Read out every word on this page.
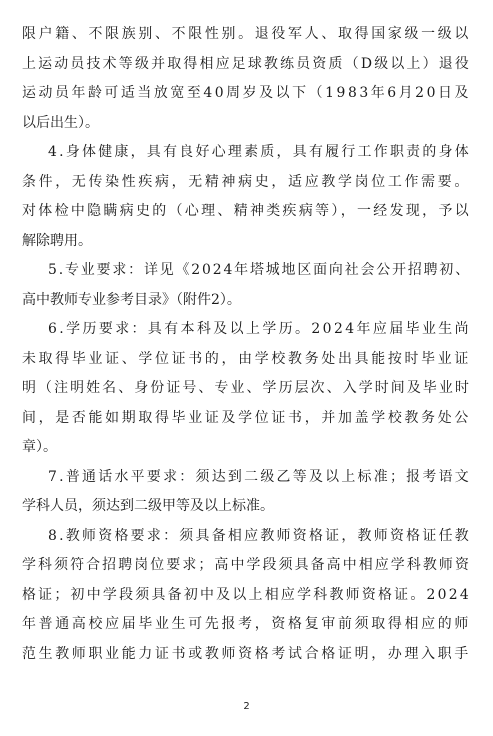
限户籍、不限族别、不限性别。退役军人、取得国家级一级以
上运动员技术等级并取得相应足球教练员资质（D级以上）退役
运动员年龄可适当放宽至40周岁及以下（1983年6月20日及
以后出生）。
4.身体健康，具有良好心理素质，具有履行工作职责的身体
条件，无传染性疾病，无精神病史，适应教学岗位工作需要。
对体检中隐瞒病史的（心理、精神类疾病等），一经发现，予以
解除聘用。
5.专业要求：详见《2024年塔城地区面向社会公开招聘初、
高中教师专业参考目录》（附件2）。
6.学历要求：具有本科及以上学历。2024年应届毕业生尚
未取得毕业证、学位证书的，由学校教务处出具能按时毕业证
明（注明姓名、身份证号、专业、学历层次、入学时间及毕业时
间，是否能如期取得毕业证及学位证书，并加盖学校教务处公
章）。
7.普通话水平要求：须达到二级乙等及以上标准；报考语文
学科人员，须达到二级甲等及以上标准。
8.教师资格要求：须具备相应教师资格证，教师资格证任教
学科须符合招聘岗位要求；高中学段须具备高中相应学科教师资
格证；初中学段须具备初中及以上相应学科教师资格证。2024
年普通高校应届毕业生可先报考，资格复审前须取得相应的师
范生教师职业能力证书或教师资格考试合格证明，办理入职手
2
